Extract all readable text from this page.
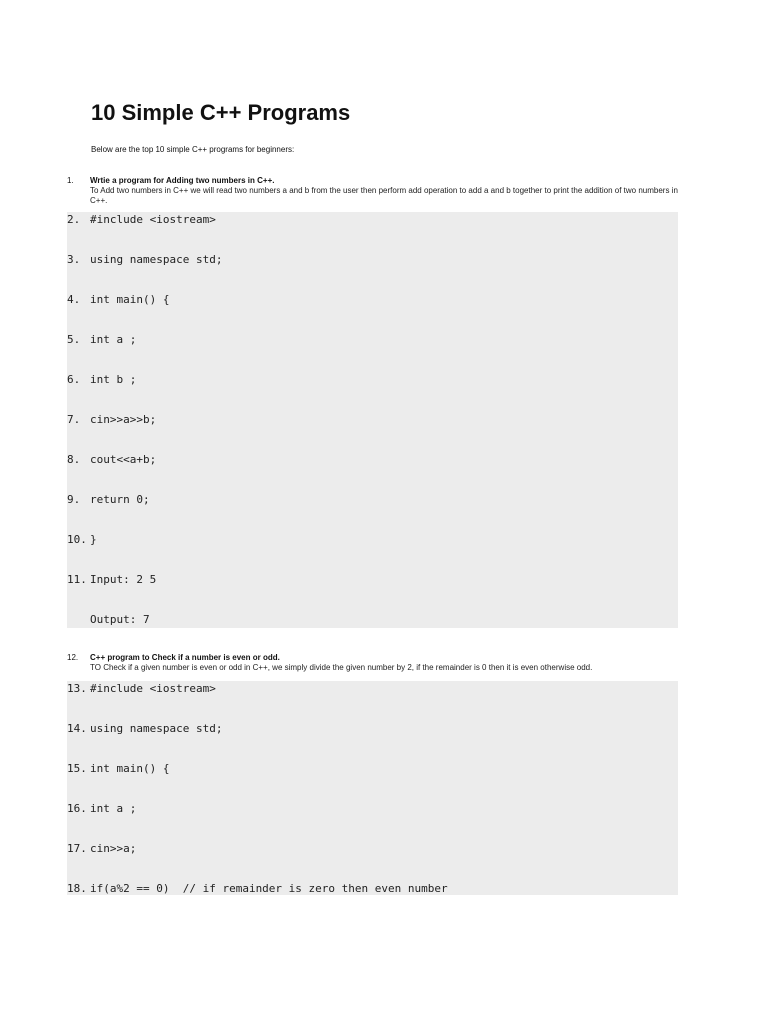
10 Simple C++ Programs

Below are the top 10 simple C++ programs for beginners:

1. Wrtie a program for Adding two numbers in C++.
To Add two numbers in C++ we will read two numbers a and b from the user then perform add operation to add a and b together to print the addition of two numbers in C++.
2. #include <iostream>
3. using namespace std;
4. int main() {
5. int a ;
6. int b ;
7. cin>>a>>b;
8. cout<<a+b;
9. return 0;
10. }
11. Input: 2 5
Output: 7
12. C++ program to Check if a number is even or odd.
TO Check if a given number is even or odd in C++, we simply divide the given number by 2, if the remainder is 0 then it is even otherwise odd.
13. #include <iostream>
14. using namespace std;
15. int main() {
16. int a ;
17. cin>>a;
18. if(a%2 == 0)  // if remainder is zero then even number
